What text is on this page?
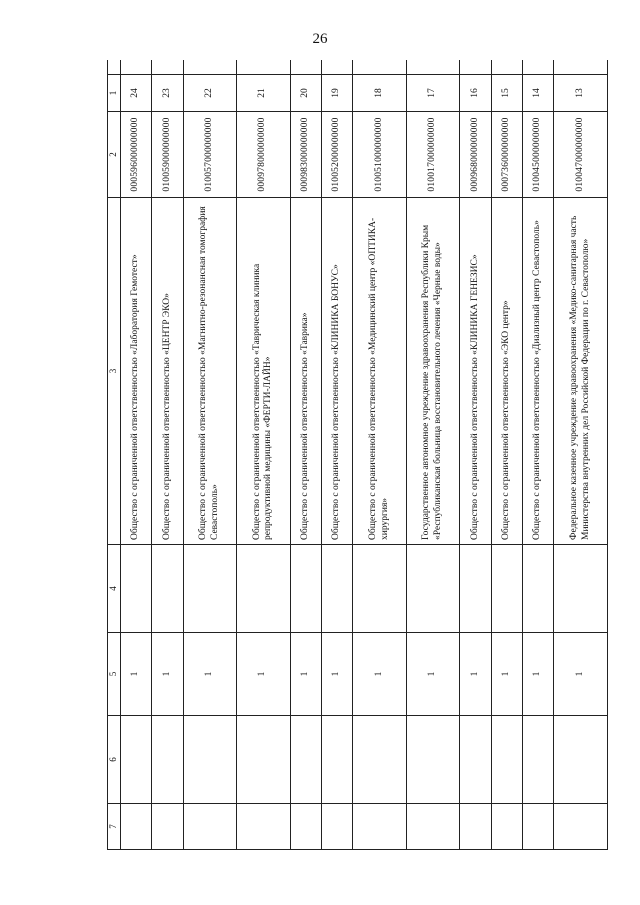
26
7	6	5	4	3	2	1	
		1		Общество с ограниченной ответственностью «Лаборатория Гемотест»	000596000000000	24	
		1		Общество с ограниченной ответственностью «ЦЕНТР ЭКО»	010059000000000	23	
		1		Общество с ограниченной ответственностью «Магнитно-резонансная томография Севастополь»	010057000000000	22	
		1		Общество с ограниченной ответственностью «Таврическая клиника репродуктивной медицины «ФЕРТИ-ЛАЙН»	000978000000000	21	
		1		Общество с ограниченной ответственностью «Таврика»	000983000000000	20	
		1		Общество с ограниченной ответственностью «КЛИНИКА БОНУС»	010052000000000	19	
		1		Общество с ограниченной ответственностью «Медицинский центр «ОПТИКА-хирургия»	010051000000000	18	
		1		Государственное автономное учреждение здравоохранения Республики Крым «Республиканская больница восстановительного лечения «Черные воды»	010017000000000	17	
		1		Общество с ограниченной ответственностью «КЛИНИКА ГЕНЕЗИС»	000968000000000	16	
		1		Общество с ограниченной ответственностью «ЭКО центр»	000736000000000	15	
		1		Общество с ограниченной ответственностью «Диализный центр Севастополь»	010045000000000	14	
		1		Федеральное казенное учреждение здравоохранения «Медико-санитарная часть Министерства внутренних дел Российской Федерации по г. Севастополю»	010047000000000	13	
